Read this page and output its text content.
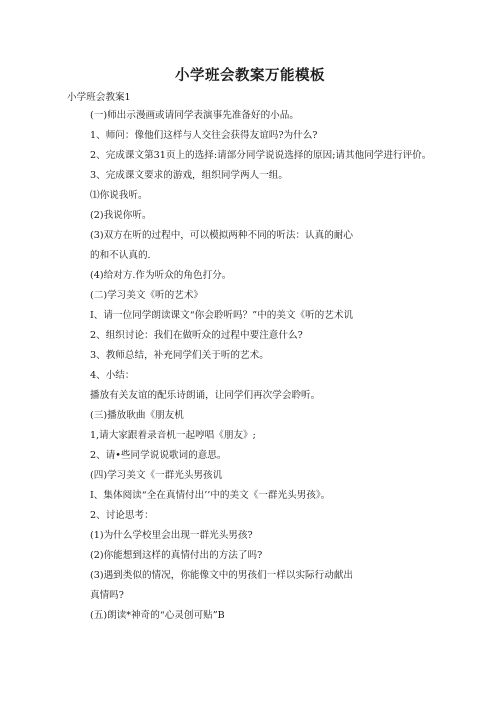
小学班会教案万能模板
小学班会教案1
(一)师出示漫画或请同学表演事先准备好的小品。
1、师问：像他们这样与人交往会获得友谊吗?为什么?
2、完成课文第31页上的选择:请部分同学说说选择的原因;请其他同学进行评价。
3、完成课文要求的游戏，组织同学两人一组。
⑴你说我听。
(2)我说你听。
(3)双方在听的过程中，可以模拟两种不同的听法：认真的耐心
的和不认真的.
(4)给对方.作为听众的角色打分。
(二)学习美文《听的艺术》
I、请一位同学朗读课文“你会聆听吗？”中的美文《听的艺术讥
2、组织讨论：我们在做听众的过程中要注意什么?
3、教师总结，补充同学们关于听的艺术。
4、小结：
播放有关友谊的配乐诗朗诵，让同学们再次学会聆听。
(三)播放耿曲《朋友机
1,请大家跟着录音机一起哼唱《朋友》;
2、请•些同学说说歌词的意思。
(四)学习美文《一群光头男孩讥
I、集体阅读“全在真情付出’’中的美文《一群光头男孩》。
2、讨论思考：
(1)为什么学校里会出现一群光头男孩?
(2)你能想到这样的真情付出的方法了吗?
(3)遇到类似的情况，你能像文中的男孩们一样以实际行动献出
真情吗?
(五)朗读*神奇的“心灵创可贴”B
